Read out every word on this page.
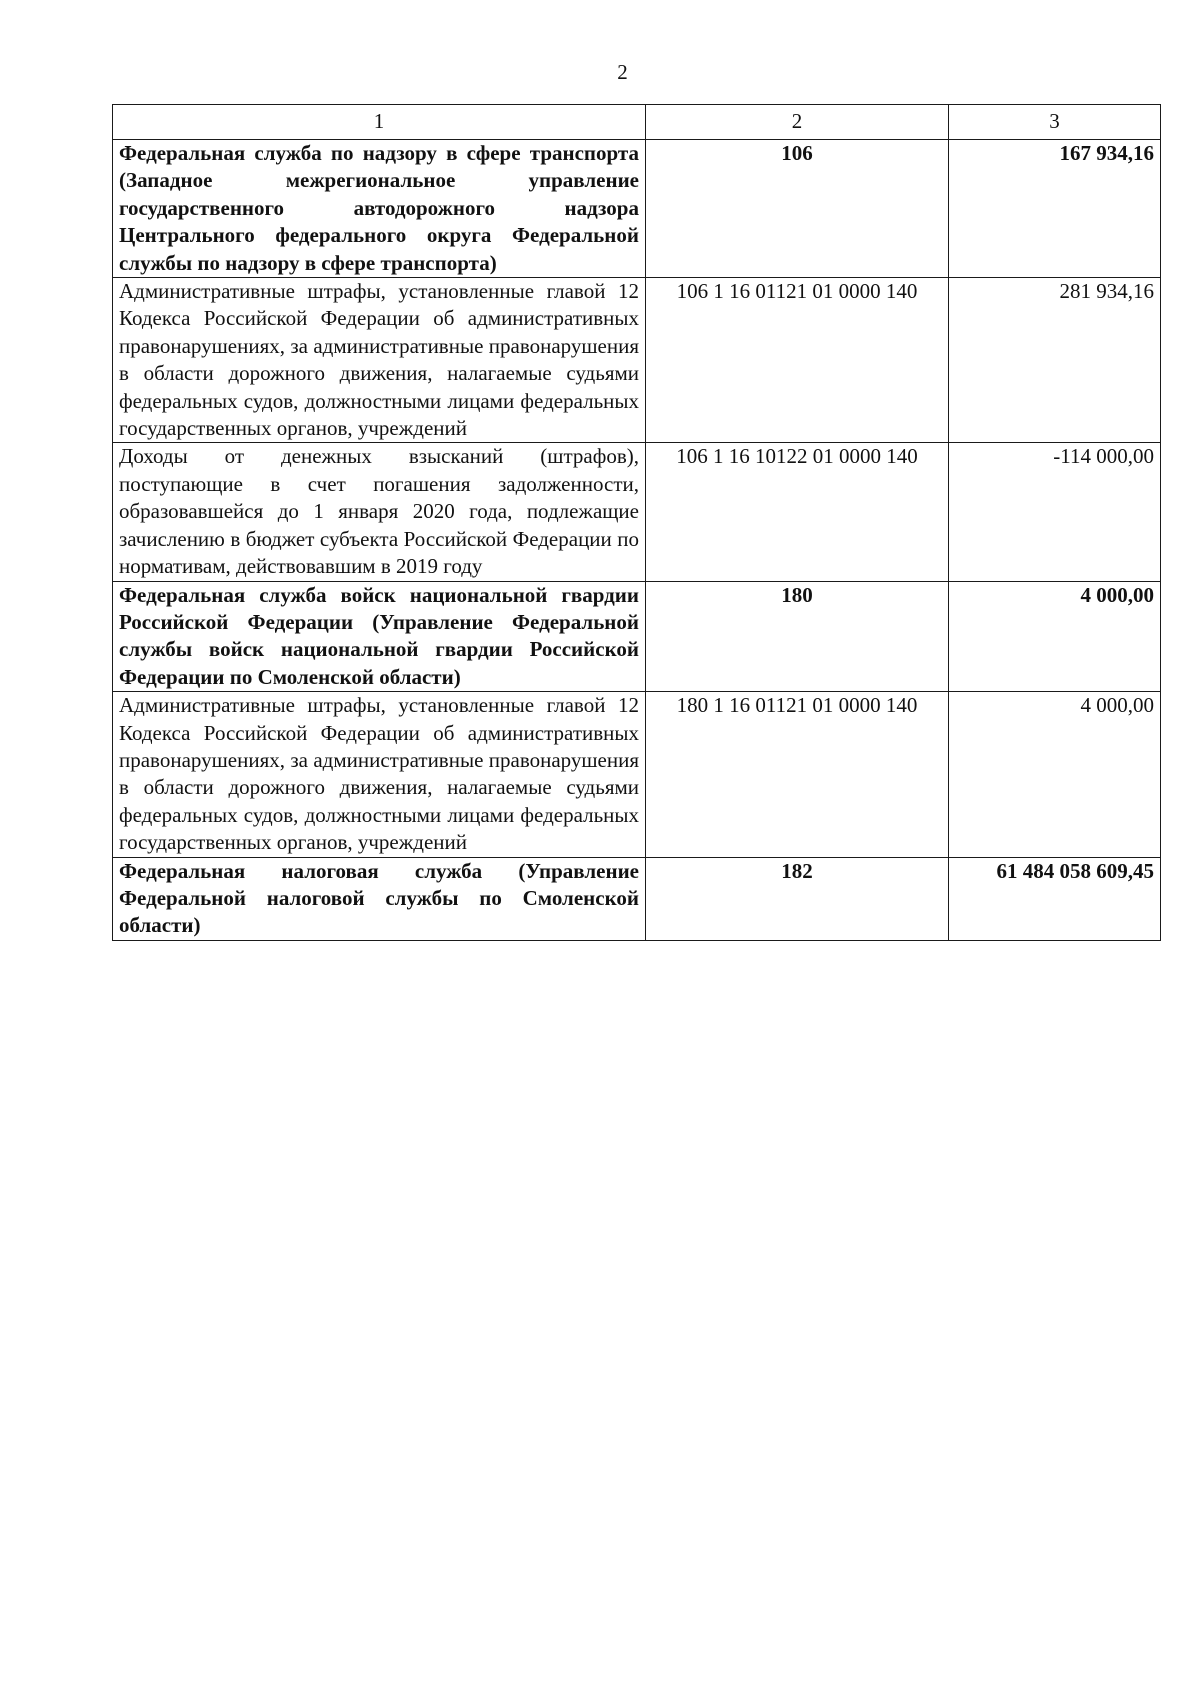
2
1	2	3
Федеральная служба по надзору в сфере транспорта (Западное межрегиональное управление государственного автодорожного надзора Центрального федерального округа Федеральной службы по надзору в сфере транспорта)	106	167 934,16
Административные штрафы, установленные главой 12 Кодекса Российской Федерации об административных правонарушениях, за административные правонарушения в области дорожного движения, налагаемые судьями федеральных судов, должностными лицами федеральных государственных органов, учреждений	106 1 16 01121 01 0000 140	281 934,16
Доходы от денежных взысканий (штрафов), поступающие в счет погашения задолженности, образовавшейся до 1 января 2020 года, подлежащие зачислению в бюджет субъекта Российской Федерации по нормативам, действовавшим в 2019 году	106 1 16 10122 01 0000 140	-114 000,00
Федеральная служба войск национальной гвардии Российской Федерации (Управление Федеральной службы войск национальной гвардии Российской Федерации по Смоленской области)	180	4 000,00
Административные штрафы, установленные главой 12 Кодекса Российской Федерации об административных правонарушениях, за административные правонарушения в области дорожного движения, налагаемые судьями федеральных судов, должностными лицами федеральных государственных органов, учреждений	180 1 16 01121 01 0000 140	4 000,00
Федеральная налоговая служба (Управление Федеральной налоговой службы по Смоленской области)	182	61 484 058 609,45
